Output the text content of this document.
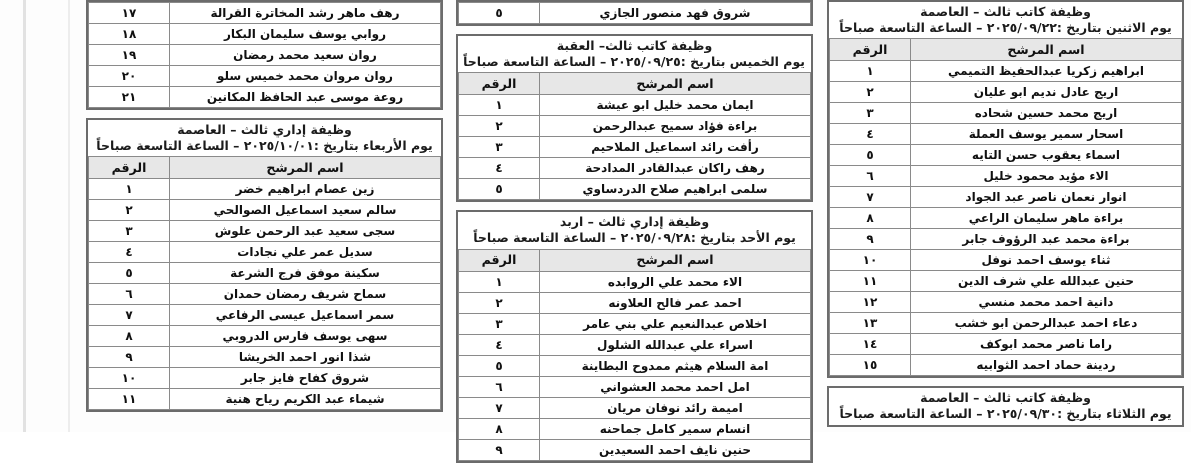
وظيفة كاتب ثالث – العاصمة
يوم الاثنين بتاريخ :٢٠٢٥/٠٩/٢٢ – الساعة التاسعة صباحاً
اسم المرشح	الرقم
ابراهيم زكريا عبدالحفيظ التميمي	١
اريج عادل نديم ابو عليان	٢
اريج محمد حسين شحاده	٣
اسحار سمير يوسف العملة	٤
اسماء يعقوب حسن التايه	٥
الاء مؤيد محمود خليل	٦
انوار نعمان ناصر عبد الجواد	٧
براءة ماهر سليمان الراعي	٨
براءة محمد عبد الرؤوف جابر	٩
ثناء يوسف احمد نوفل	١٠
حنين عبدالله علي شرف الدين	١١
دانية احمد محمد منسي	١٢
دعاء احمد عبدالرحمن ابو خشب	١٣
راما ناصر محمد ابوكف	١٤
ردينة حماد احمد الثوابيه	١٥
وظيفة كاتب ثالث – العاصمة
يوم الثلاثاء بتاريخ :٢٠٢٥/٠٩/٣٠ – الساعة التاسعة صباحاً
شروق فهد منصور الجازي	٥
وظيفة كاتب ثالث– العقبة
يوم الخميس بتاريخ :٢٠٢٥/٠٩/٢٥ – الساعة التاسعة صباحاً
اسم المرشح	الرقم
ايمان محمد خليل ابو عيشة	١
براءة فؤاد سميح عبدالرحمن	٢
رأفت رائد اسماعيل الملاحيم	٣
رهف راكان عبدالقادر المدادحة	٤
سلمى ابراهيم صلاح الدردساوي	٥
وظيفة إداري ثالث – اربد
يوم الأحد بتاريخ :٢٠٢٥/٠٩/٢٨ – الساعة التاسعة صباحاً
اسم المرشح	الرقم
الاء محمد علي الروابده	١
احمد عمر فالح العلاونه	٢
اخلاص عبدالنعيم علي بني عامر	٣
اسراء علي عبدالله الشلول	٤
امة السلام هيثم ممدوح البطاينة	٥
امل احمد محمد العشواني	٦
اميمة رائد نوفان مريان	٧
انسام سمير كامل جماحنه	٨
حنين نايف احمد السعيدين	٩
رهف ماهر رشد المخاترة القرالة	١٧
روابي يوسف سليمان البكار	١٨
روان سعيد محمد رمضان	١٩
روان مروان محمد خميس سلو	٢٠
روعة موسى عبد الحافظ المكانين	٢١
وظيفة إداري ثالث – العاصمة
يوم الأربعاء بتاريخ :٢٠٢٥/١٠/٠١ – الساعة التاسعة صباحاً
اسم المرشح	الرقم
زين عصام ابراهيم خضر	١
سالم سعيد اسماعيل الصوالحي	٢
سجى سعيد عبد الرحمن علوش	٣
سديل عمر علي نجادات	٤
سكينة موفق فرج الشرعة	٥
سماح شريف رمضان حمدان	٦
سمر اسماعيل عيسى الرفاعي	٧
سهى يوسف فارس الدروبي	٨
شذا انور احمد الخريشا	٩
شروق كفاح فايز جابر	١٠
شيماء عبد الكريم رياح هنية	١١
